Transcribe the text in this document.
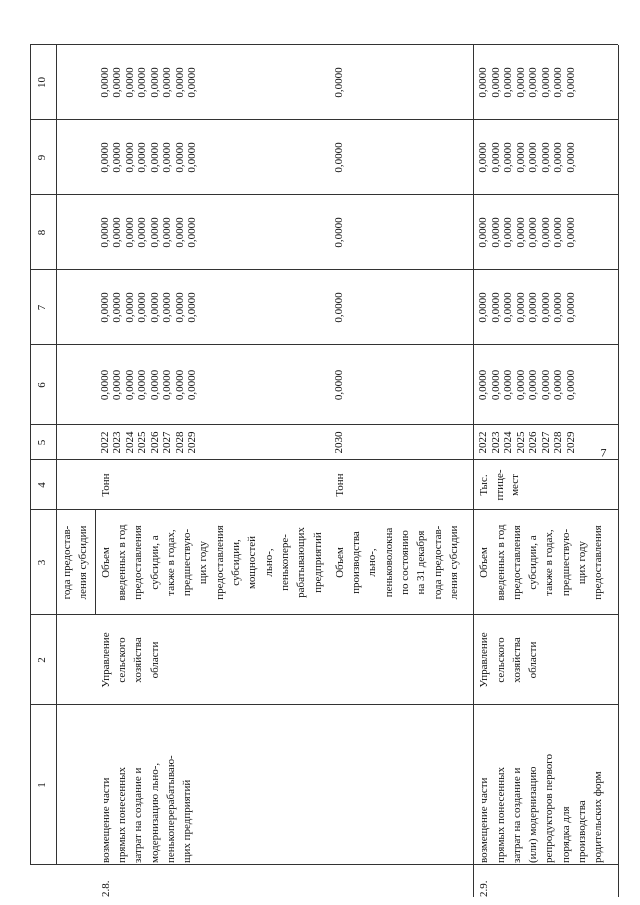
7
1
2
3
4
5
6
7
8
9
10
года предостав- ления субсидии
2.8.
возмещение части прямых понесенных затрат на создание и модернизацию льно-, пенькоперерабатываю- щих предприятий
Управление сельского хозяйства области
Объем введенных в год предоставления субсидии, а также в годах, предшествую- щих году предоставления субсидии, мощностей льно-, пенькопере- рабатывающих предприятий
Тонн
2022
0,0000
0,0000
0,0000
0,0000
0,0000
2023
0,0000
0,0000
0,0000
0,0000
0,0000
2024
0,0000
0,0000
0,0000
0,0000
0,0000
2025
0,0000
0,0000
0,0000
0,0000
0,0000
2026
0,0000
0,0000
0,0000
0,0000
0,0000
2027
0,0000
0,0000
0,0000
0,0000
0,0000
2028
0,0000
0,0000
0,0000
0,0000
0,0000
2029
0,0000
0,0000
0,0000
0,0000
0,0000
Объем производства льно-, пеньковолокна по состоянию на 31 декабря года предостав- ления субсидии
Тонн
2030
0,0000
0,0000
0,0000
0,0000
0,0000
2.9.
возмещение части прямых понесенных затрат на создание и (или) модернизацию репродукторов первого порядка для производства родительских форм
Управление сельского хозяйства области
Объем введенных в год предоставления субсидии, а также в годах, предшествую- щих году предоставления
Тыс. птице- мест
2022
0,0000
0,0000
0,0000
0,0000
0,0000
2023
0,0000
0,0000
0,0000
0,0000
0,0000
2024
0,0000
0,0000
0,0000
0,0000
0,0000
2025
0,0000
0,0000
0,0000
0,0000
0,0000
2026
0,0000
0,0000
0,0000
0,0000
0,0000
2027
0,0000
0,0000
0,0000
0,0000
0,0000
2028
0,0000
0,0000
0,0000
0,0000
0,0000
2029
0,0000
0,0000
0,0000
0,0000
0,0000
